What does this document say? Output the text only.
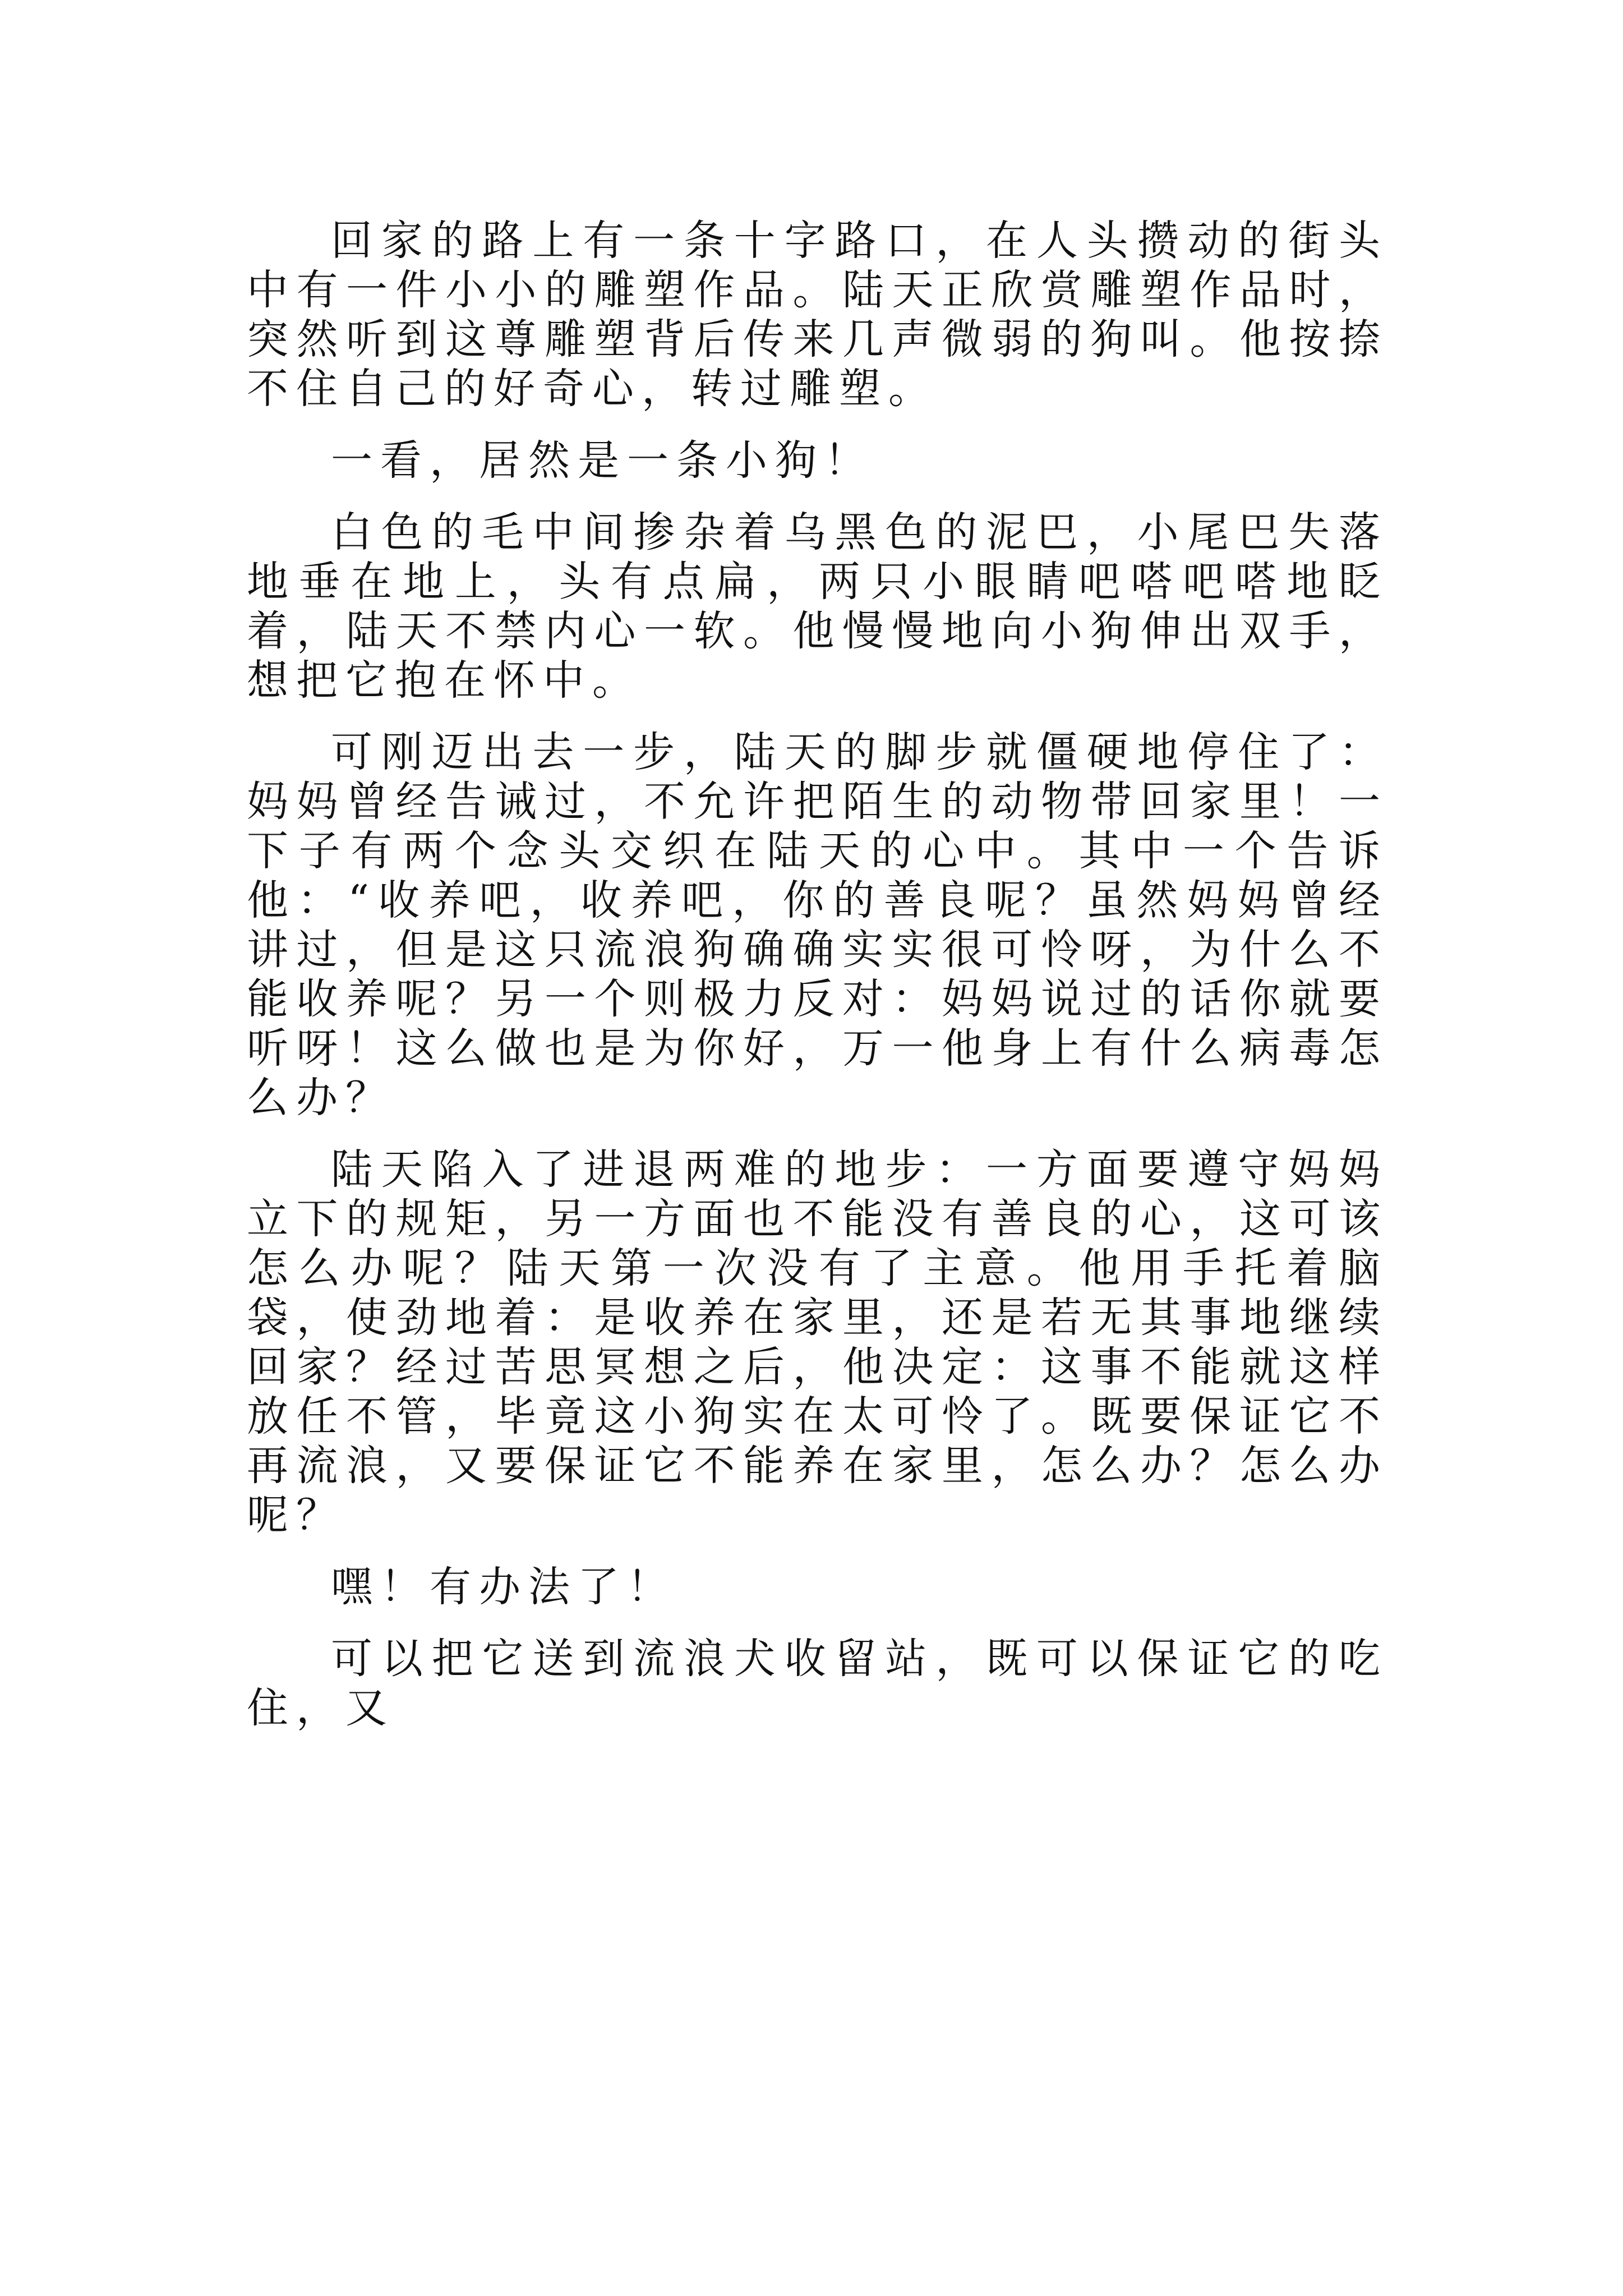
回家的路上有一条十字路口，在人头攒动的街头中有一件小小的雕塑作品。陆天正欣赏雕塑作品时，突然听到这尊雕塑背后传来几声微弱的狗叫。他按捺不住自己的好奇心，转过雕塑。

一看，居然是一条小狗！

白色的毛中间掺杂着乌黑色的泥巴，小尾巴失落地垂在地上，头有点扁，两只小眼睛吧嗒吧嗒地眨着，陆天不禁内心一软。他慢慢地向小狗伸出双手，想把它抱在怀中。

可刚迈出去一步，陆天的脚步就僵硬地停住了：妈妈曾经告诫过，不允许把陌生的动物带回家里！一下子有两个念头交织在陆天的心中。其中一个告诉他：“收养吧，收养吧，你的善良呢？虽然妈妈曾经讲过，但是这只流浪狗确确实实很可怜呀，为什么不能收养呢？另一个则极力反对：妈妈说过的话你就要听呀！这么做也是为你好，万一他身上有什么病毒怎么办？

陆天陷入了进退两难的地步：一方面要遵守妈妈立下的规矩，另一方面也不能没有善良的心，这可该怎么办呢？陆天第一次没有了主意。他用手托着脑袋，使劲地着：是收养在家里，还是若无其事地继续回家？经过苦思冥想之后，他决定：这事不能就这样放任不管，毕竟这小狗实在太可怜了。既要保证它不再流浪，又要保证它不能养在家里，怎么办？怎么办呢？

嘿！有办法了！

可以把它送到流浪犬收留站，既可以保证它的吃住，又
